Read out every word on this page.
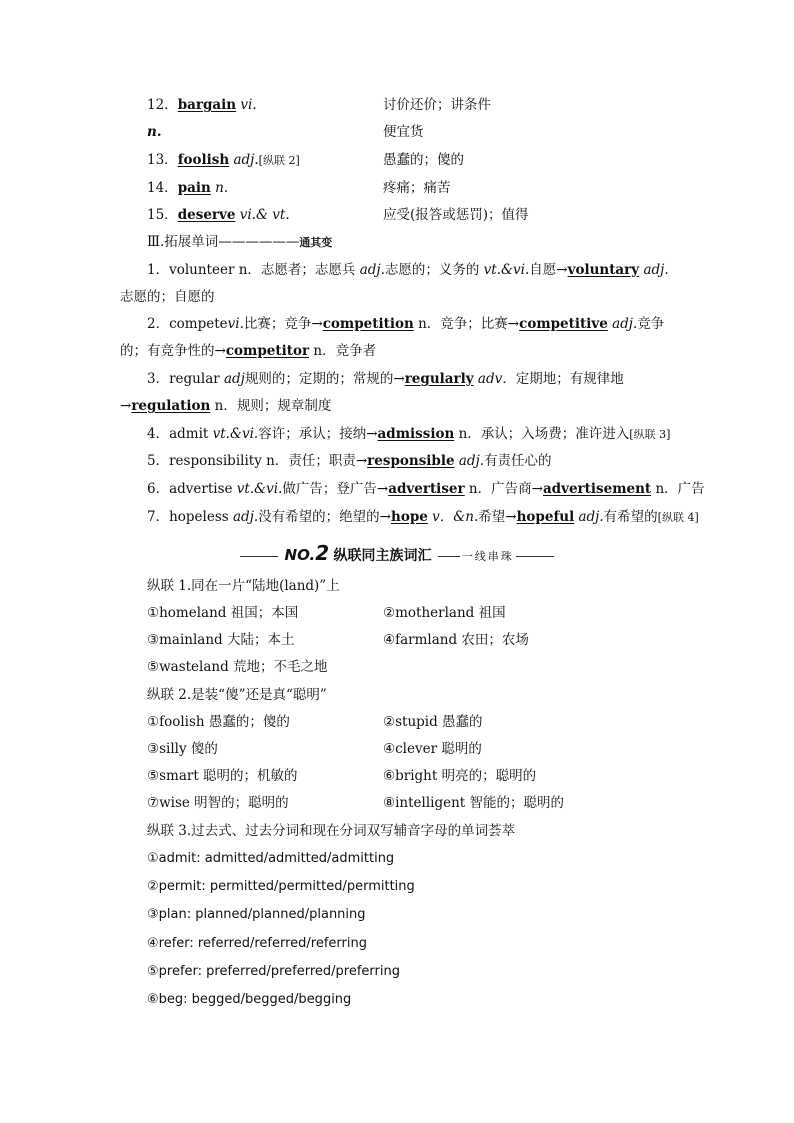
12．bargain vi.	讨价还价；讲条件
n.	便宜货
13．foolish adj.[纵联 2]	愚蠢的；傻的
14．pain n.	疼痛；痛苦
15．deserve vi.& vt.	应受(报答或惩罚)；值得
Ⅲ.拓展单词——————通其变
1．volunteer n．志愿者；志愿兵 adj.志愿的；义务的 vt.&vi.自愿→voluntary adj.志愿的；自愿的
2．competevi.比赛；竞争→competition n．竞争；比赛→competitive adj.竞争的；有竞争性的→competitor n．竞争者
3．regular adj规则的；定期的；常规的→regularly adv．定期地；有规律地→regulation n．规则；规章制度
4．admit vt.&vi.容许；承认；接纳→admission n．承认；入场费；准许进入[纵联 3]
5．responsibility n．责任；职责→responsible adj.有责任心的
6．advertise vt.&vi.做广告；登广告→advertiser n．广告商→advertisement n．广告
7．hopeless adj.没有希望的；绝望的→hope v．&n.希望→hopeful adj.有希望的[纵联 4]
NO.2 纵联同主族词汇	一线串珠
纵联 1.同在一片“陆地(land)”上
①homeland 祖国；本国	②motherland 祖国
③mainland 大陆；本土	④farmland 农田；农场
⑤wasteland 荒地；不毛之地
纵联 2.是装“傻”还是真“聪明”
①foolish 愚蠢的；傻的	②stupid 愚蠢的
③silly 傻的	④clever 聪明的
⑤smart 聪明的；机敏的	⑥bright 明亮的；聪明的
⑦wise 明智的；聪明的	⑧intelligent 智能的；聪明的
纵联 3.过去式、过去分词和现在分词双写辅音字母的单词荟萃
①admit: admitted/admitted/admitting
②permit: permitted/permitted/permitting
③plan: planned/planned/planning
④refer: referred/referred/referring
⑤prefer: preferred/preferred/preferring
⑥beg: begged/begged/begging
